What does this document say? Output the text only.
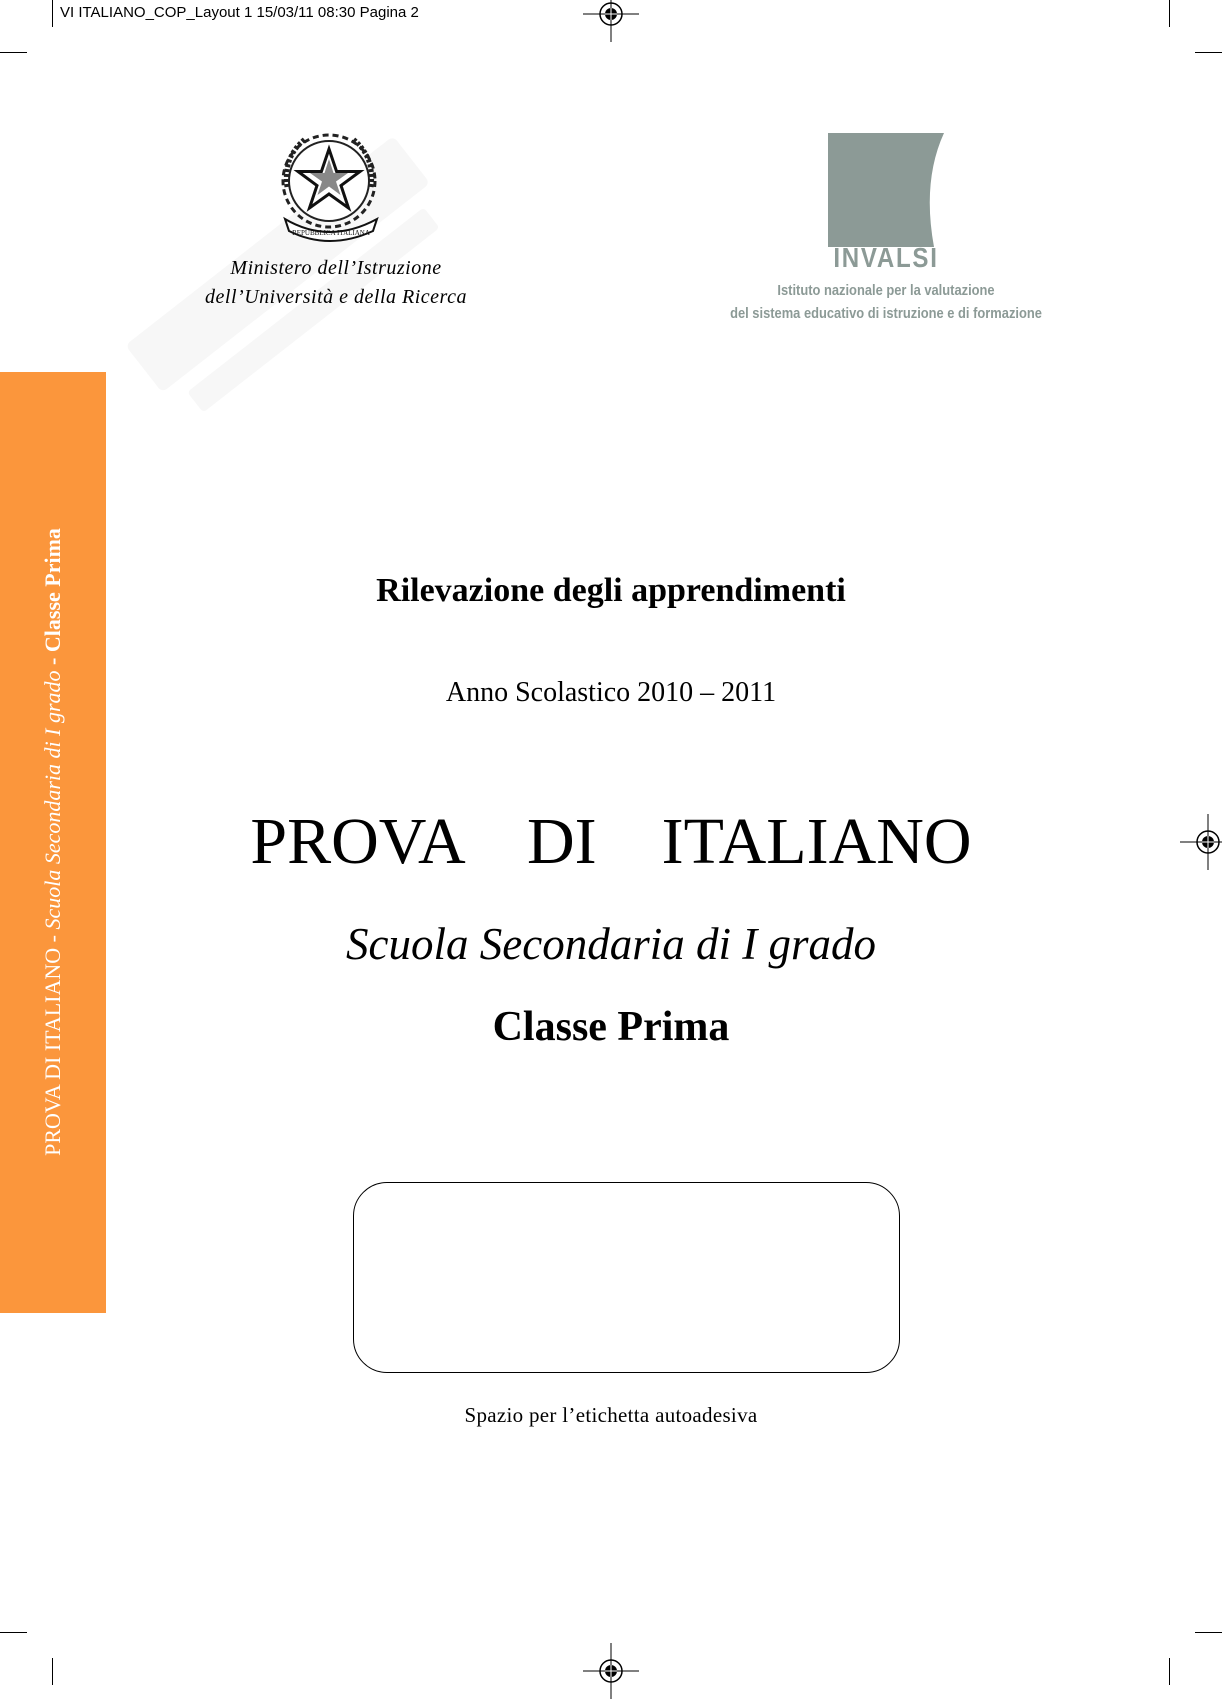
VI ITALIANO_COP_Layout 1 15/03/11 08:30 Pagina 2
PROVA DI ITALIANO - Scuola Secondaria di I grado - Classe Prima
REPUBBLICA ITALIANA
Ministero dell’Istruzione
dell’Università e della Ricerca
INVALSI
Istituto nazionale per la valutazione
del sistema educativo di istruzione e di formazione
Rilevazione degli apprendimenti
Anno Scolastico 2010 – 2011
PROVA  DI  ITALIANO
Scuola Secondaria di I grado
Classe Prima
Spazio per l’etichetta autoadesiva
